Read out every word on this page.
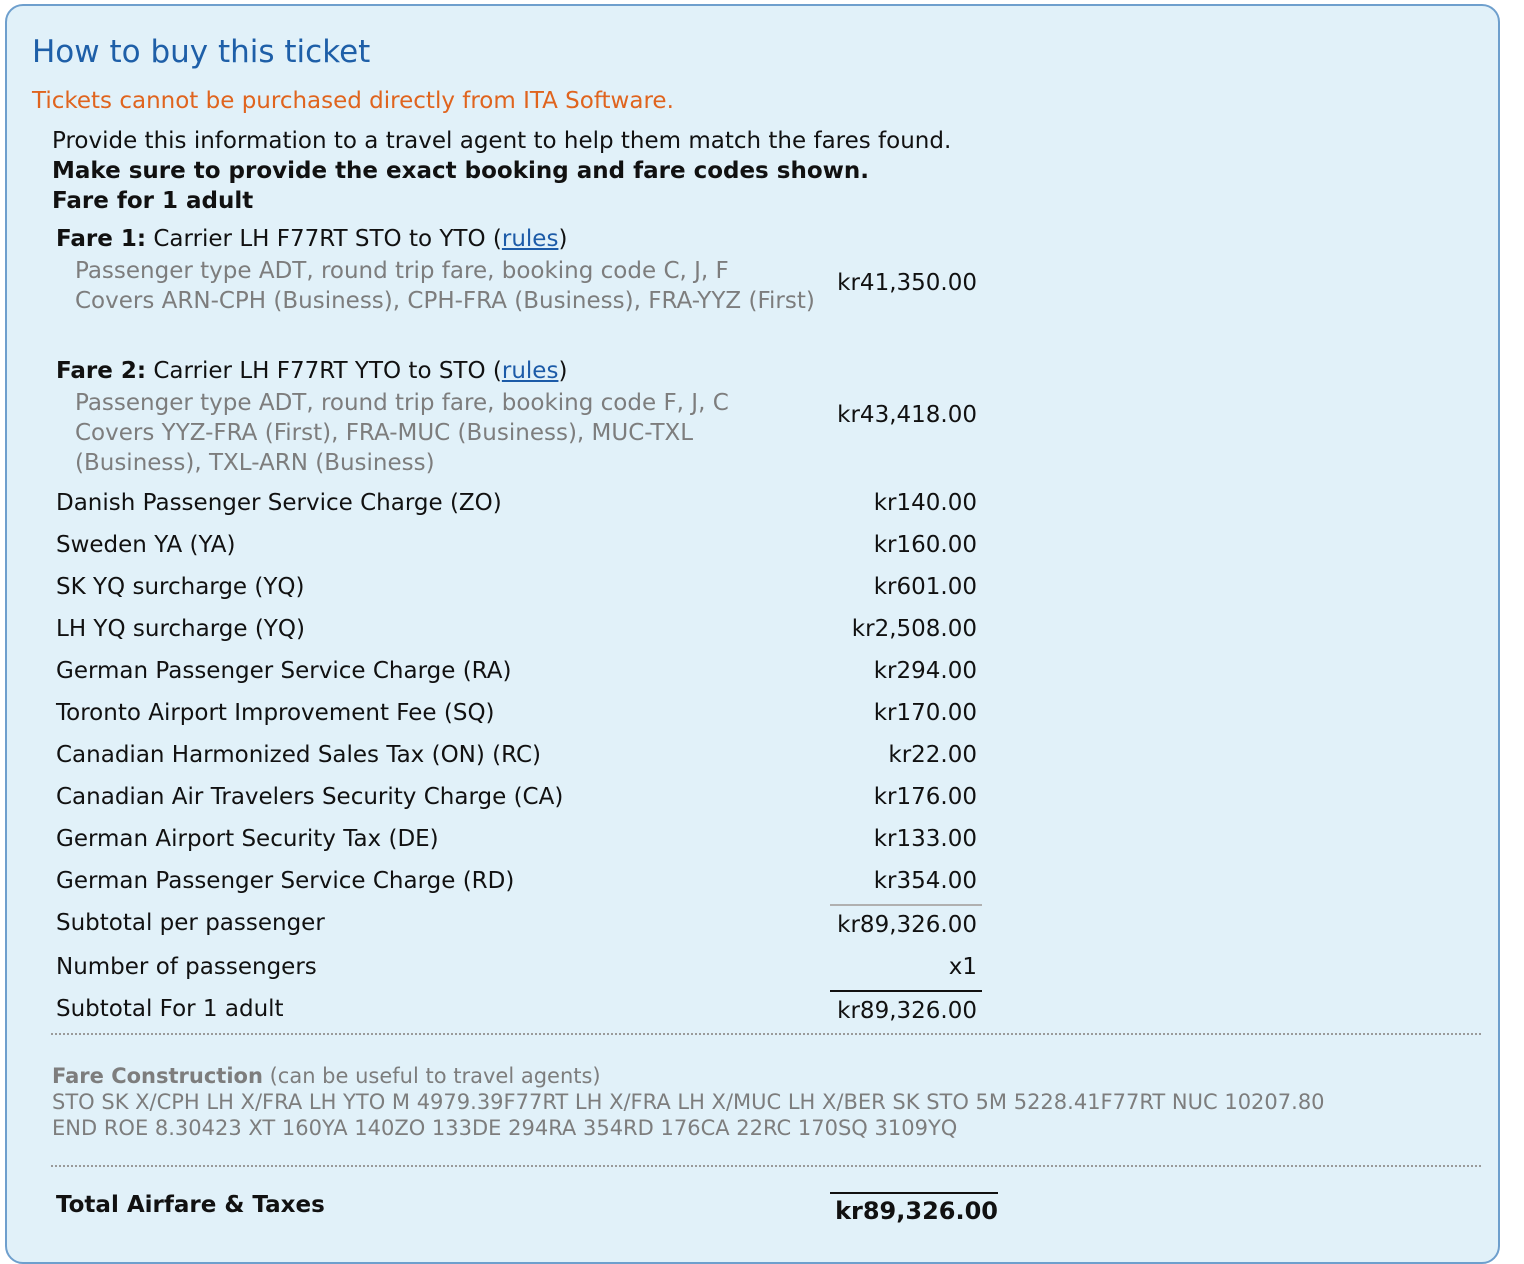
How to buy this ticket
Tickets cannot be purchased directly from ITA Software.
Provide this information to a travel agent to help them match the fares found.
Make sure to provide the exact booking and fare codes shown.
Fare for 1 adult
Fare 1: Carrier LH F77RT STO to YTO (rules)
Passenger type ADT, round trip fare, booking code C, J, F Covers ARN-CPH (Business), CPH-FRA (Business), FRA-YYZ (First)
kr41,350.00
Fare 2: Carrier LH F77RT YTO to STO (rules)
Passenger type ADT, round trip fare, booking code F, J, C Covers YYZ-FRA (First), FRA-MUC (Business), MUC-TXL (Business), TXL-ARN (Business)
kr43,418.00
Danish Passenger Service Charge (ZO)	kr140.00
Sweden YA (YA)	kr160.00
SK YQ surcharge (YQ)	kr601.00
LH YQ surcharge (YQ)	kr2,508.00
German Passenger Service Charge (RA)	kr294.00
Toronto Airport Improvement Fee (SQ)	kr170.00
Canadian Harmonized Sales Tax (ON) (RC)	kr22.00
Canadian Air Travelers Security Charge (CA)	kr176.00
German Airport Security Tax (DE)	kr133.00
German Passenger Service Charge (RD)	kr354.00
Subtotal per passenger	kr89,326.00
Number of passengers	x1
Subtotal For 1 adult	kr89,326.00
Fare Construction (can be useful to travel agents)
STO SK X/CPH LH X/FRA LH YTO M 4979.39F77RT LH X/FRA LH X/MUC LH X/BER SK STO 5M 5228.41F77RT NUC 10207.80
END ROE 8.30423 XT 160YA 140ZO 133DE 294RA 354RD 176CA 22RC 170SQ 3109YQ
Total Airfare & Taxes	kr89,326.00
